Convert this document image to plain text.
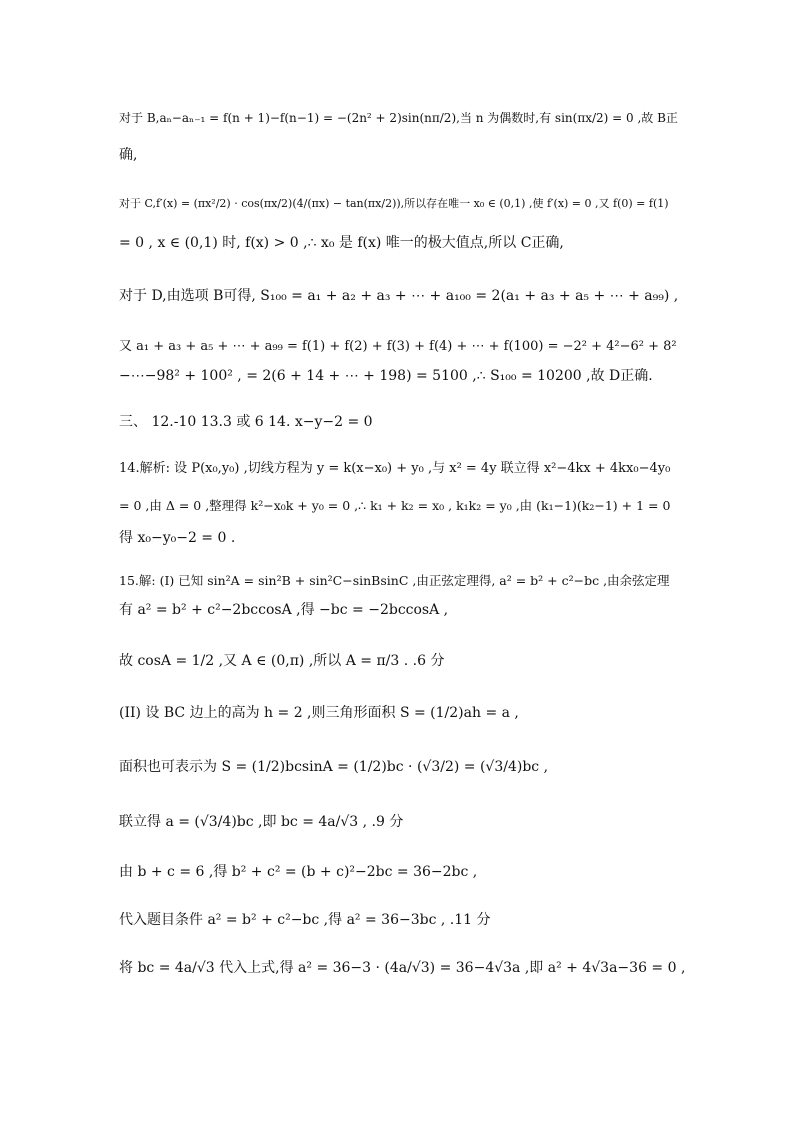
对于 B,aₙ−aₙ₋₁ = f(n + 1)−f(n−1) = −(2n² + 2)sin(nπ/2),当 n 为偶数时,有 sin(πx/2) = 0 ,故 B正
确,
对于 C,f′(x) = (πx²/2) · cos(πx/2)(4/(πx) − tan(πx/2)),所以存在唯一 x₀ ∈ (0,1) ,使 f′(x) = 0 ,又 f(0) = f(1)
= 0 , x ∈ (0,1) 时, f(x) > 0 ,∴ x₀ 是 f(x) 唯一的极大值点,所以 C正确,
对于 D,由选项 B可得, S₁₀₀ = a₁ + a₂ + a₃ + ⋯ + a₁₀₀ = 2(a₁ + a₃ + a₅ + ⋯ + a₉₉) ,
又 a₁ + a₃ + a₅ + ⋯ + a₉₉ = f(1) + f(2) + f(3) + f(4) + ⋯ + f(100) = −2² + 4²−6² + 8²
−⋯−98² + 100² , = 2(6 + 14 + ⋯ + 198) = 5100 ,∴ S₁₀₀ = 10200 ,故 D正确.
三、 12.-10 13.3 或 6 14. x−y−2 = 0
14.解析: 设 P(x₀,y₀) ,切线方程为 y = k(x−x₀) + y₀ ,与 x² = 4y 联立得 x²−4kx + 4kx₀−4y₀
= 0 ,由 Δ = 0 ,整理得 k²−x₀k + y₀ = 0 ,∴ k₁ + k₂ = x₀ , k₁k₂ = y₀ ,由 (k₁−1)(k₂−1) + 1 = 0
得 x₀−y₀−2 = 0 .
15.解: (I) 已知 sin²A = sin²B + sin²C−sinBsinC ,由正弦定理得, a² = b² + c²−bc ,由余弦定理
有 a² = b² + c²−2bccosA ,得 −bc = −2bccosA ,
故 cosA = 1/2 ,又 A ∈ (0,π) ,所以 A = π/3 . .6 分
(II) 设 BC 边上的高为 h = 2 ,则三角形面积 S = (1/2)ah = a ,
面积也可表示为 S = (1/2)bcsinA = (1/2)bc · (√3/2) = (√3/4)bc ,
联立得 a = (√3/4)bc ,即 bc = 4a/√3 , .9 分
由 b + c = 6 ,得 b² + c² = (b + c)²−2bc = 36−2bc ,
代入题目条件 a² = b² + c²−bc ,得 a² = 36−3bc , .11 分
将 bc = 4a/√3 代入上式,得 a² = 36−3 · (4a/√3) = 36−4√3a ,即 a² + 4√3a−36 = 0 ,
